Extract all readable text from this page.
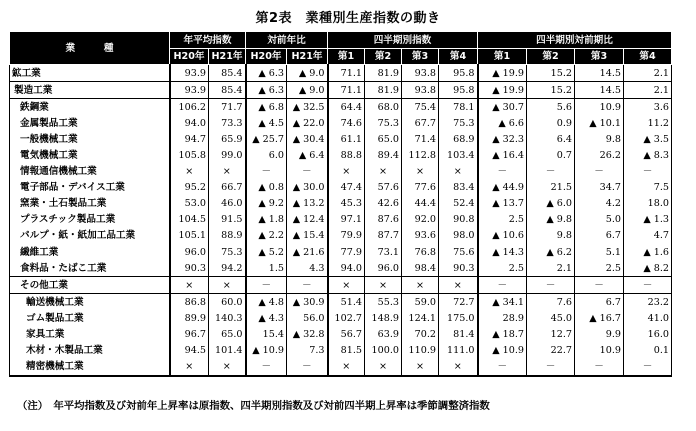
第2表　業種別生産指数の動き
業　　　種	年平均指数		対前年比		四半期別指数				四半期別対前期比			
	H20年	H21年	H20年	H21年	第1	第2	第3	第4	第1	第2	第3	第4
鉱工業	93.9	85.4	▲ 6.3	▲ 9.0	71.1	81.9	93.8	95.8	▲ 19.9	15.2	14.5	2.1
製造工業	93.9	85.4	▲ 6.3	▲ 9.0	71.1	81.9	93.8	95.8	▲ 19.9	15.2	14.5	2.1
鉄鋼業	106.2	71.7	▲ 6.8	▲ 32.5	64.4	68.0	75.4	78.1	▲ 30.7	5.6	10.9	3.6
金属製品工業	94.0	73.3	▲ 4.5	▲ 22.0	74.6	75.3	67.7	75.3	▲ 6.6	0.9	▲ 10.1	11.2
一般機械工業	94.7	65.9	▲ 25.7	▲ 30.4	61.1	65.0	71.4	68.9	▲ 32.3	6.4	9.8	▲ 3.5
電気機械工業	105.8	99.0	6.0	▲ 6.4	88.8	89.4	112.8	103.4	▲ 16.4	0.7	26.2	▲ 8.3
情報通信機械工業	×	×	－	－	×	×	×	×	－	－	－	－
電子部品・デバイス工業	95.2	66.7	▲ 0.8	▲ 30.0	47.4	57.6	77.6	83.4	▲ 44.9	21.5	34.7	7.5
窯業・土石製品工業	53.0	46.0	▲ 9.2	▲ 13.2	45.3	42.6	44.4	52.4	▲ 13.7	▲ 6.0	4.2	18.0
プラスチック製品工業	104.5	91.5	▲ 1.8	▲ 12.4	97.1	87.6	92.0	90.8	2.5	▲ 9.8	5.0	▲ 1.3
パルプ・紙・紙加工品工業	105.1	88.9	▲ 2.2	▲ 15.4	79.9	87.7	93.6	98.0	▲ 10.6	9.8	6.7	4.7
繊維工業	96.0	75.3	▲ 5.2	▲ 21.6	77.9	73.1	76.8	75.6	▲ 14.3	▲ 6.2	5.1	▲ 1.6
食料品・たばこ工業	90.3	94.2	1.5	4.3	94.0	96.0	98.4	90.3	2.5	2.1	2.5	▲ 8.2
その他工業	×	×	－	－	×	×	×	×	－	－	－	－
輸送機械工業	86.8	60.0	▲ 4.8	▲ 30.9	51.4	55.3	59.0	72.7	▲ 34.1	7.6	6.7	23.2
ゴム製品工業	89.9	140.3	▲ 4.3	56.0	102.7	148.9	124.1	175.0	28.9	45.0	▲ 16.7	41.0
家具工業	96.7	65.0	15.4	▲ 32.8	56.7	63.9	70.2	81.4	▲ 18.7	12.7	9.9	16.0
木材・木製品工業	94.5	101.4	▲ 10.9	7.3	81.5	100.0	110.9	111.0	▲ 10.9	22.7	10.9	0.1
精密機械工業	×	×	－	－	×	×	×	×	－	－	－	－
（注）　年平均指数及び対前年上昇率は原指数、四半期別指数及び対前四半期上昇率は季節調整済指数
